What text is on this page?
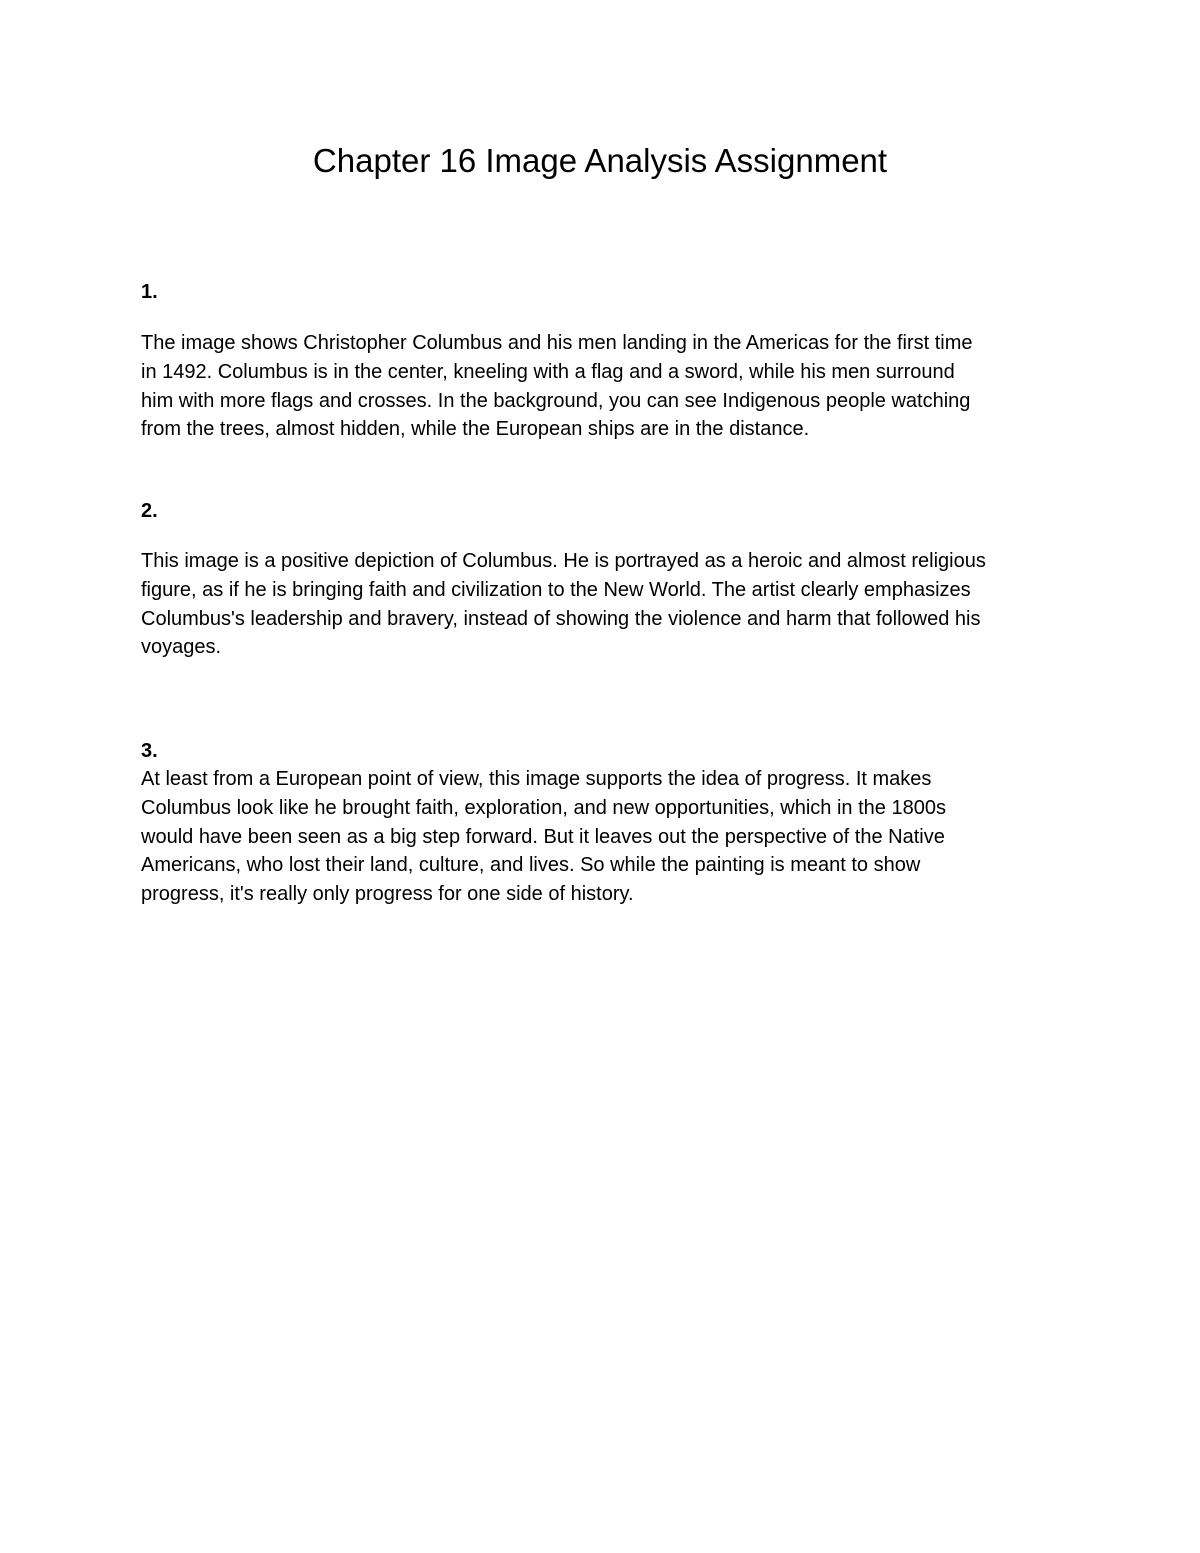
Chapter 16 Image Analysis Assignment

1.

The image shows Christopher Columbus and his men landing in the Americas for the first time
in 1492. Columbus is in the center, kneeling with a flag and a sword, while his men surround
him with more flags and crosses. In the background, you can see Indigenous people watching
from the trees, almost hidden, while the European ships are in the distance.

2.

This image is a positive depiction of Columbus. He is portrayed as a heroic and almost religious
figure, as if he is bringing faith and civilization to the New World. The artist clearly emphasizes
Columbus's leadership and bravery, instead of showing the violence and harm that followed his
voyages.

3.

At least from a European point of view, this image supports the idea of progress. It makes
Columbus look like he brought faith, exploration, and new opportunities, which in the 1800s
would have been seen as a big step forward. But it leaves out the perspective of the Native
Americans, who lost their land, culture, and lives. So while the painting is meant to show
progress, it's really only progress for one side of history.
